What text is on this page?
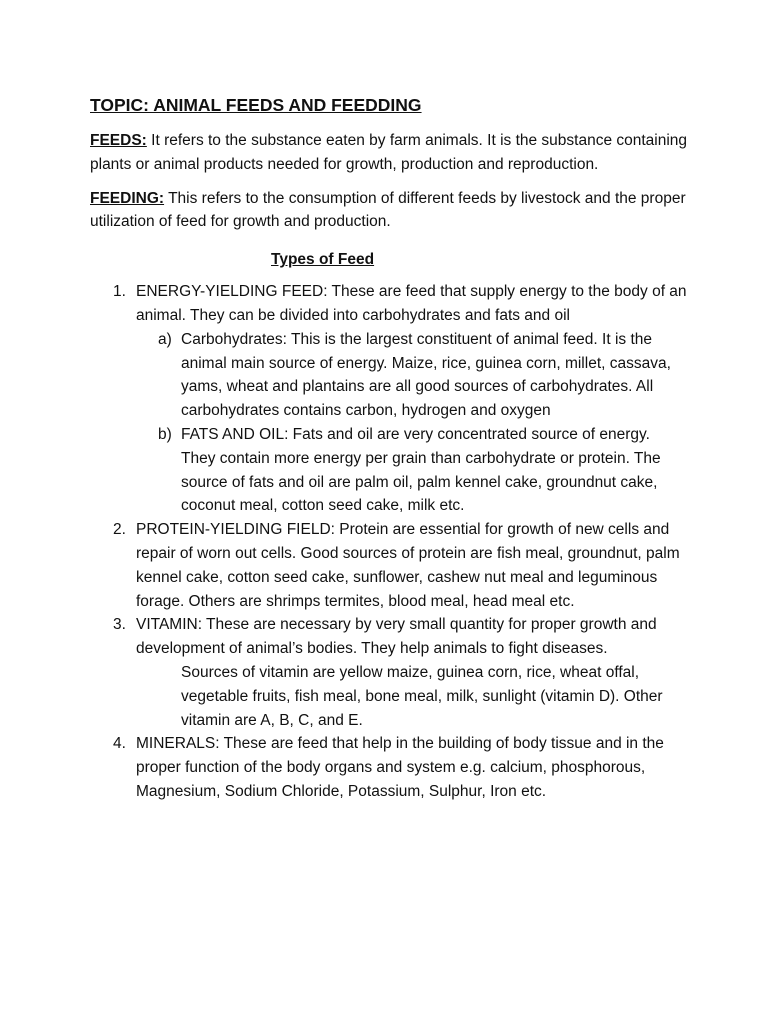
TOPIC: ANIMAL FEEDS AND FEEDDING

FEEDS: It refers to the substance eaten by farm animals. It is the substance containing plants or animal products needed for growth, production and reproduction.

FEEDING: This refers to the consumption of different feeds by livestock and the proper utilization of feed for growth and production.

Types of Feed
1. ENERGY-YIELDING FEED: These are feed that supply energy to the body of an animal. They can be divided into carbohydrates and fats and oil
a) Carbohydrates: This is the largest constituent of animal feed. It is the animal main source of energy. Maize, rice, guinea corn, millet, cassava, yams, wheat and plantains are all good sources of carbohydrates. All carbohydrates contains carbon, hydrogen and oxygen
b) FATS AND OIL: Fats and oil are very concentrated source of energy. They contain more energy per grain than carbohydrate or protein. The source of fats and oil are palm oil, palm kennel cake, groundnut cake, coconut meal, cotton seed cake, milk etc.
2. PROTEIN-YIELDING FIELD: Protein are essential for growth of new cells and repair of worn out cells. Good sources of protein are fish meal, groundnut, palm kennel cake, cotton seed cake, sunflower, cashew nut meal and leguminous forage. Others are shrimps termites, blood meal, head meal etc.
3. VITAMIN: These are necessary by very small quantity for proper growth and development of animal’s bodies. They help animals to fight diseases.
Sources of vitamin are yellow maize, guinea corn, rice, wheat offal, vegetable fruits, fish meal, bone meal, milk, sunlight (vitamin D). Other vitamin are A, B, C, and E.
4. MINERALS: These are feed that help in the building of body tissue and in the proper function of the body organs and system e.g. calcium, phosphorous, Magnesium, Sodium Chloride, Potassium, Sulphur, Iron etc.
